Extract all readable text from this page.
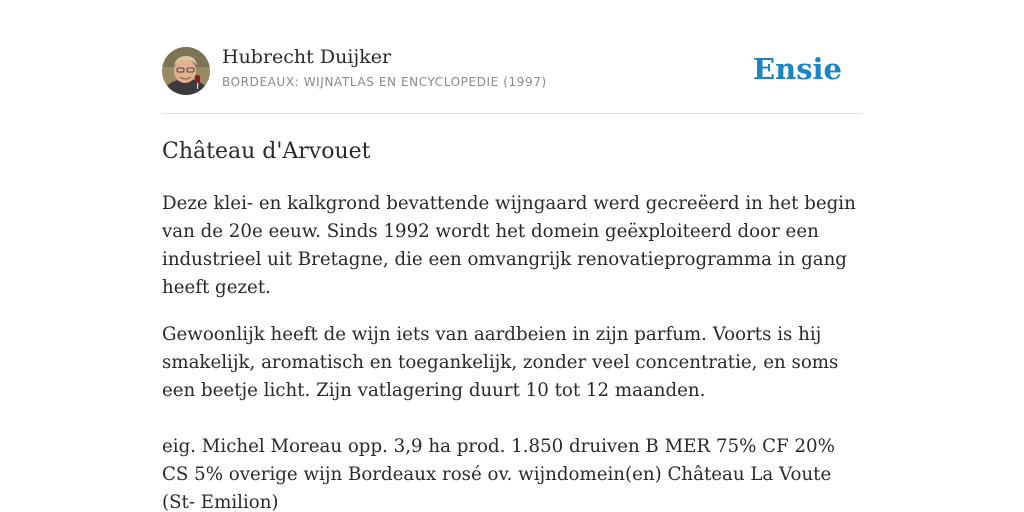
Hubrecht Duijker
BORDEAUX: WIJNATLAS EN ENCYCLOPEDIE (1997)	Ensie
Château d'Arvouet

Deze klei- en kalkgrond bevattende wijngaard werd gecreëerd in het begin van de 20e eeuw. Sinds 1992 wordt het domein geëxploiteerd door een industrieel uit Bretagne, die een omvangrijk renovatieprogramma in gang heeft gezet.

Gewoonlijk heeft de wijn iets van aardbeien in zijn parfum. Voorts is hij smakelijk, aromatisch en toegankelijk, zonder veel concentratie, en soms een beetje licht. Zijn vatlagering duurt 10 tot 12 maanden.

eig. Michel Moreau opp. 3,9 ha prod. 1.850 druiven B MER 75% CF 20% CS 5% overige wijn Bordeaux rosé ov. wijndomein(en) Château La Voute (St- Emilion)
